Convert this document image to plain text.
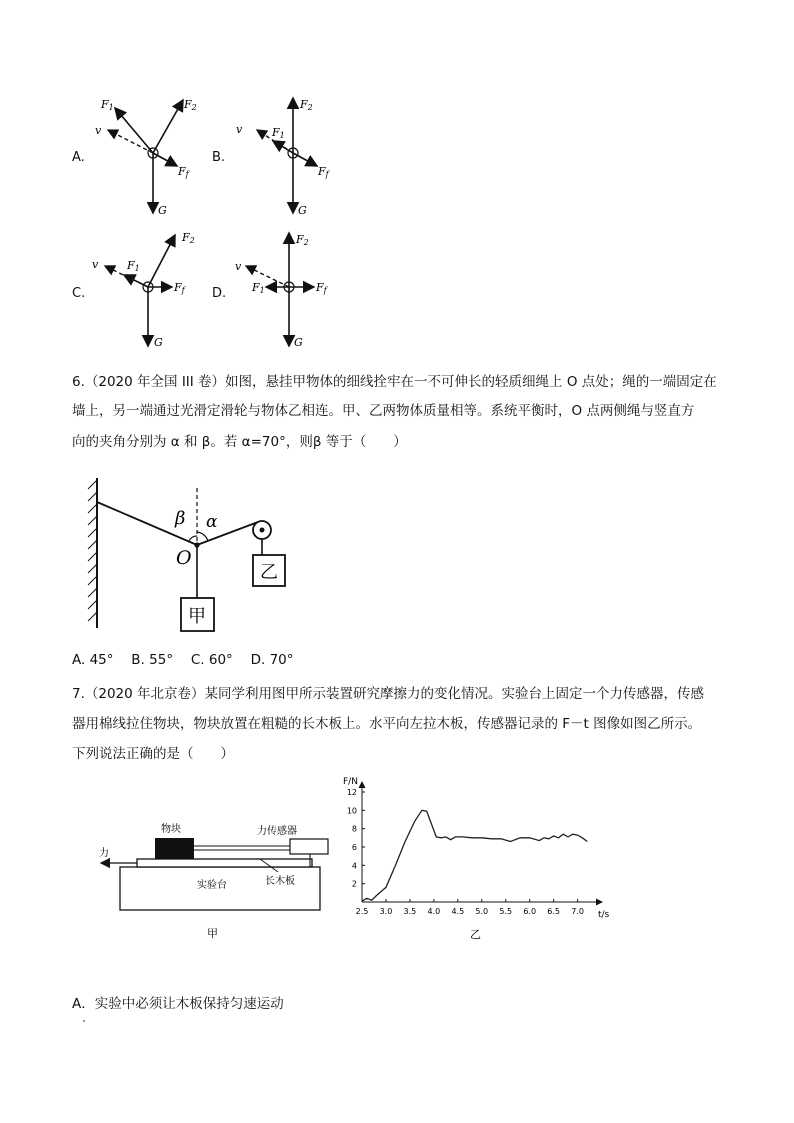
F1	F2
v
Ff
G
F2
F1
v
Ff
G
F2
F1
v
Ff
G
F2
v
F1	Ff
G
A.	B.
C.	D.
6.（2020 年全国 III 卷）如图，悬挂甲物体的细线拴牢在一不可伸长的轻质细绳上 O 点处；绳的一端固定在
墙上，另一端通过光滑定滑轮与物体乙相连。甲、乙两物体质量相等。系统平衡时，O 点两侧绳与竖直方
向的夹角分别为 α 和 β。若 α=70°，则β 等于（　　）
β α
O
甲
乙
A. 45°　 B. 55°　 C. 60°　 D. 70°
7.（2020 年北京卷）某同学利用图甲所示装置研究摩擦力的变化情况。实验台上固定一个力传感器，传感
器用棉线拉住物块，物块放置在粗糙的长木板上。水平向左拉木板，传感器记录的 F－t 图像如图乙所示。
下列说法正确的是（　　）
物块	力传感器
力
长木板
实验台
甲
2
4
6
8
10
12
2.5 3.0 3.5 4.0 4.5 5.0 5.5 6.0 6.5 7.0
F/N
t/s
乙
A．实验中必须让木板保持匀速运动
